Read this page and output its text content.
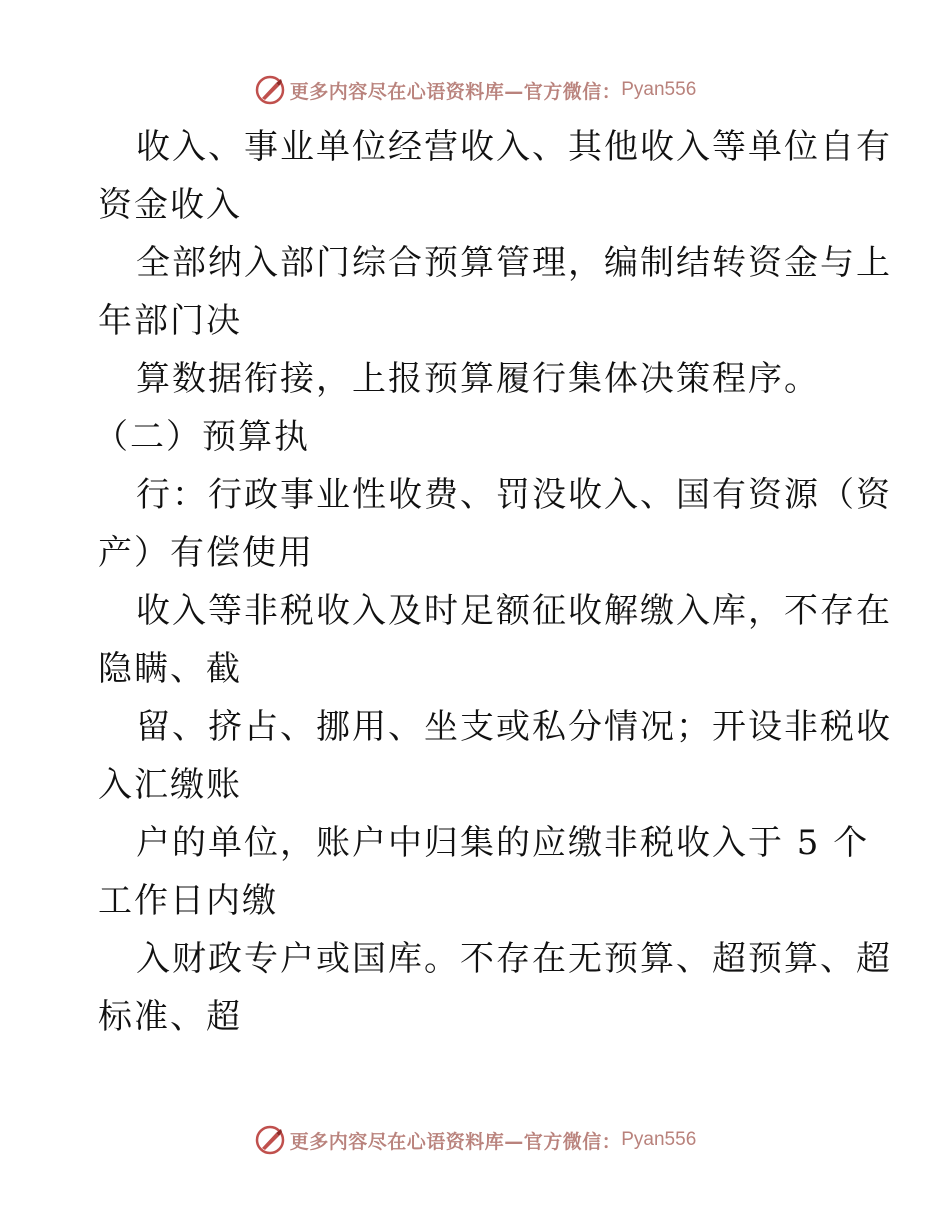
更多内容尽在心语资料库—官方微信： Pyan556
收入、事业单位经营收入、其他收入等单位自有
资金收入
全部纳入部门综合预算管理，编制结转资金与上
年部门决
算数据衔接，上报预算履行集体决策程序。
（二）预算执
行：行政事业性收费、罚没收入、国有资源（资
产）有偿使用
收入等非税收入及时足额征收解缴入库，不存在
隐瞒、截
留、挤占、挪用、坐支或私分情况；开设非税收
入汇缴账
户的单位，账户中归集的应缴非税收入于 5 个
工作日内缴
入财政专户或国库。不存在无预算、超预算、超
标准、超
更多内容尽在心语资料库—官方微信： Pyan556
